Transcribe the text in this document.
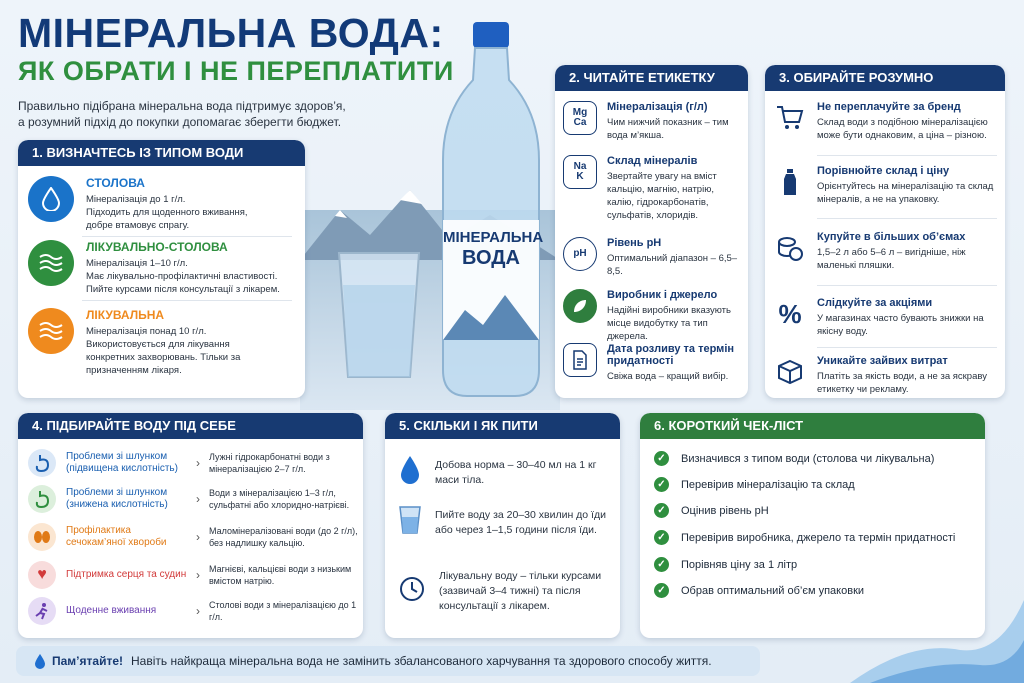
МІНЕРАЛЬНА ВОДА:
ЯК ОБРАТИ І НЕ ПЕРЕПЛАТИТИ
Правильно підібрана мінеральна вода підтримує здоров’я, а розумний підхід до покупки допомагає зберегти бюджет.
МІНЕРАЛЬНА
ВОДА
1. ВИЗНАЧТЕСЬ ІЗ ТИПОМ ВОДИ
СТОЛОВА
Мінералізація до 1 г/л.
Підходить для щоденного вживання,
добре втамовує спрагу.
ЛІКУВАЛЬНО-СТОЛОВА
Мінералізація 1–10 г/л.
Має лікувально-профілактичні властивості.
Пийте курсами після консультації з лікарем.
ЛІКУВАЛЬНА
Мінералізація понад 10 г/л.
Використовується для лікування
конкретних захворювань. Тільки за
призначенням лікаря.
2. ЧИТАЙТЕ ЕТИКЕТКУ
Mg
Ca
Мінералізація (г/л)
Чим нижчий показник – тим вода м’якша.
Na
K
Склад мінералів
Звертайте увагу на вміст кальцію, магнію, натрію, калію, гідрокарбонатів, сульфатів, хлоридів.
pH
Рівень pH
Оптимальний діапазон – 6,5–8,5.
Виробник і джерело
Надійні виробники вказують місце видобутку та тип джерела.
Дата розливу та термін придатності
Свіжа вода – кращий вибір.
3. ОБИРАЙТЕ РОЗУМНО
Не переплачуйте за бренд
Склад води з подібною мінералізацією може бути однаковим, а ціна – різною.
Порівнюйте склад і ціну
Орієнтуйтесь на мінералізацію та склад мінералів, а не на упаковку.
Купуйте в більших об’ємах
1,5–2 л або 5–6 л – вигідніше, ніж маленькі пляшки.
%	Слідкуйте за акціями
У магазинах часто бувають знижки на якісну воду.
Уникайте зайвих витрат
Платіть за якість води, а не за яскраву етикетку чи рекламу.
4. ПІДБИРАЙТЕ ВОДУ ПІД СЕБЕ
Проблеми зі шлунком (підвищена кислотність)	›	Лужні гідрокарбонатні води з мінералізацією 2–7 г/л.
Проблеми зі шлунком (знижена кислотність)	›	Води з мінералізацією 1–3 г/л, сульфатні або хлоридно-натрієві.
Профілактика сечокам’яної хвороби	›	Маломінералізовані води (до 2 г/л), без надлишку кальцію.
♥ Підтримка серця та судин ›	Магнієві, кальцієві води з низьким вмістом натрію.
Щоденне вживання	›	Столові води з мінералізацією до 1 г/л.
5. СКІЛЬКИ І ЯК ПИТИ
Добова норма – 30–40 мл на 1 кг маси тіла.
Пийте воду за 20–30 хвилин до їди або через 1–1,5 години після їди.
Лікувальну воду – тільки курсами (зазвичай 3–4 тижні) та після консультації з лікарем.
6. КОРОТКИЙ ЧЕК-ЛІСТ
✓	Визначився з типом води (столова чи лікувальна)
✓	Перевірив мінералізацію та склад
✓	Оцінив рівень pH
✓	Перевірив виробника, джерело та термін придатності
✓	Порівняв ціну за 1 літр
✓	Обрав оптимальний об’єм упаковки
Пам’ятайте! Навіть найкраща мінеральна вода не замінить збалансованого харчування та здорового способу життя.
